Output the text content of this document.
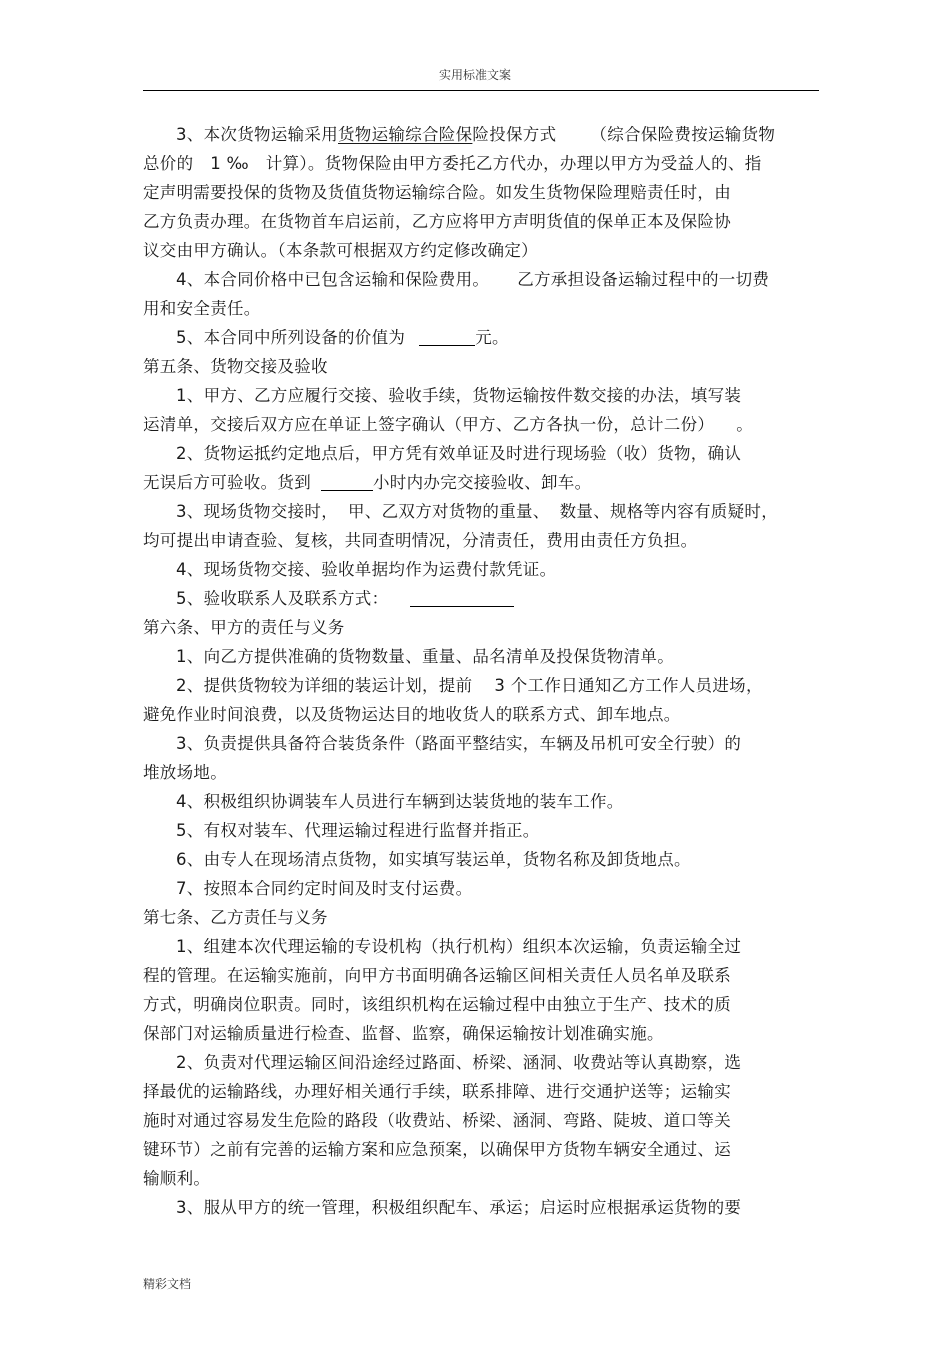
实用标准文案
3、本次货物运输采用货物运输综合险保险投保方式 （综合保险费按运输货物
总价的　1 ‰　计算）。货物保险由甲方委托乙方代办，办理以甲方为受益人的、指
定声明需要投保的货物及货值货物运输综合险。如发生货物保险理赔责任时，由
乙方负责办理。在货物首车启运前，乙方应将甲方声明货值的保单正本及保险协
议交由甲方确认。（本条款可根据双方约定修改确定）
4、本合同价格中已包含运输和保险费用。 乙方承担设备运输过程中的一切费
用和安全责任。
5、本合同中所列设备的价值为	元。
第五条、货物交接及验收
1、甲方、乙方应履行交接、验收手续，货物运输按件数交接的办法，填写装
运清单，交接后双方应在单证上签字确认（甲方、乙方各执一份，总计二份） 。
2、货物运抵约定地点后，甲方凭有效单证及时进行现场验（收）货物，确认
无误后方可验收。货到	小时内办完交接验收、卸车。
3、现场货物交接时， 甲、乙双方对货物的重量、 数量、规格等内容有质疑时，
均可提出申请查验、复核，共同查明情况，分清责任，费用由责任方负担。
4、现场货物交接、验收单据均作为运费付款凭证。
5、验收联系人及联系方式：
第六条、甲方的责任与义务
1、向乙方提供准确的货物数量、重量、品名清单及投保货物清单。
2、提供货物较为详细的装运计划，提前 3 个工作日通知乙方工作人员进场，
避免作业时间浪费，以及货物运达目的地收货人的联系方式、卸车地点。
3、负责提供具备符合装货条件（路面平整结实，车辆及吊机可安全行驶）的
堆放场地。
4、积极组织协调装车人员进行车辆到达装货地的装车工作。
5、有权对装车、代理运输过程进行监督并指正。
6、由专人在现场清点货物，如实填写装运单，货物名称及卸货地点。
7、按照本合同约定时间及时支付运费。
第七条、乙方责任与义务
1、组建本次代理运输的专设机构（执行机构）组织本次运输，负责运输全过
程的管理。在运输实施前，向甲方书面明确各运输区间相关责任人员名单及联系
方式，明确岗位职责。同时，该组织机构在运输过程中由独立于生产、技术的质
保部门对运输质量进行检查、监督、监察，确保运输按计划准确实施。
2、负责对代理运输区间沿途经过路面、桥梁、涵洞、收费站等认真勘察，选
择最优的运输路线，办理好相关通行手续，联系排障、进行交通护送等；运输实
施时对通过容易发生危险的路段（收费站、桥梁、涵洞、弯路、陡坡、道口等关
键环节）之前有完善的运输方案和应急预案，以确保甲方货物车辆安全通过、运
输顺利。
3、服从甲方的统一管理，积极组织配车、承运；启运时应根据承运货物的要
精彩文档
